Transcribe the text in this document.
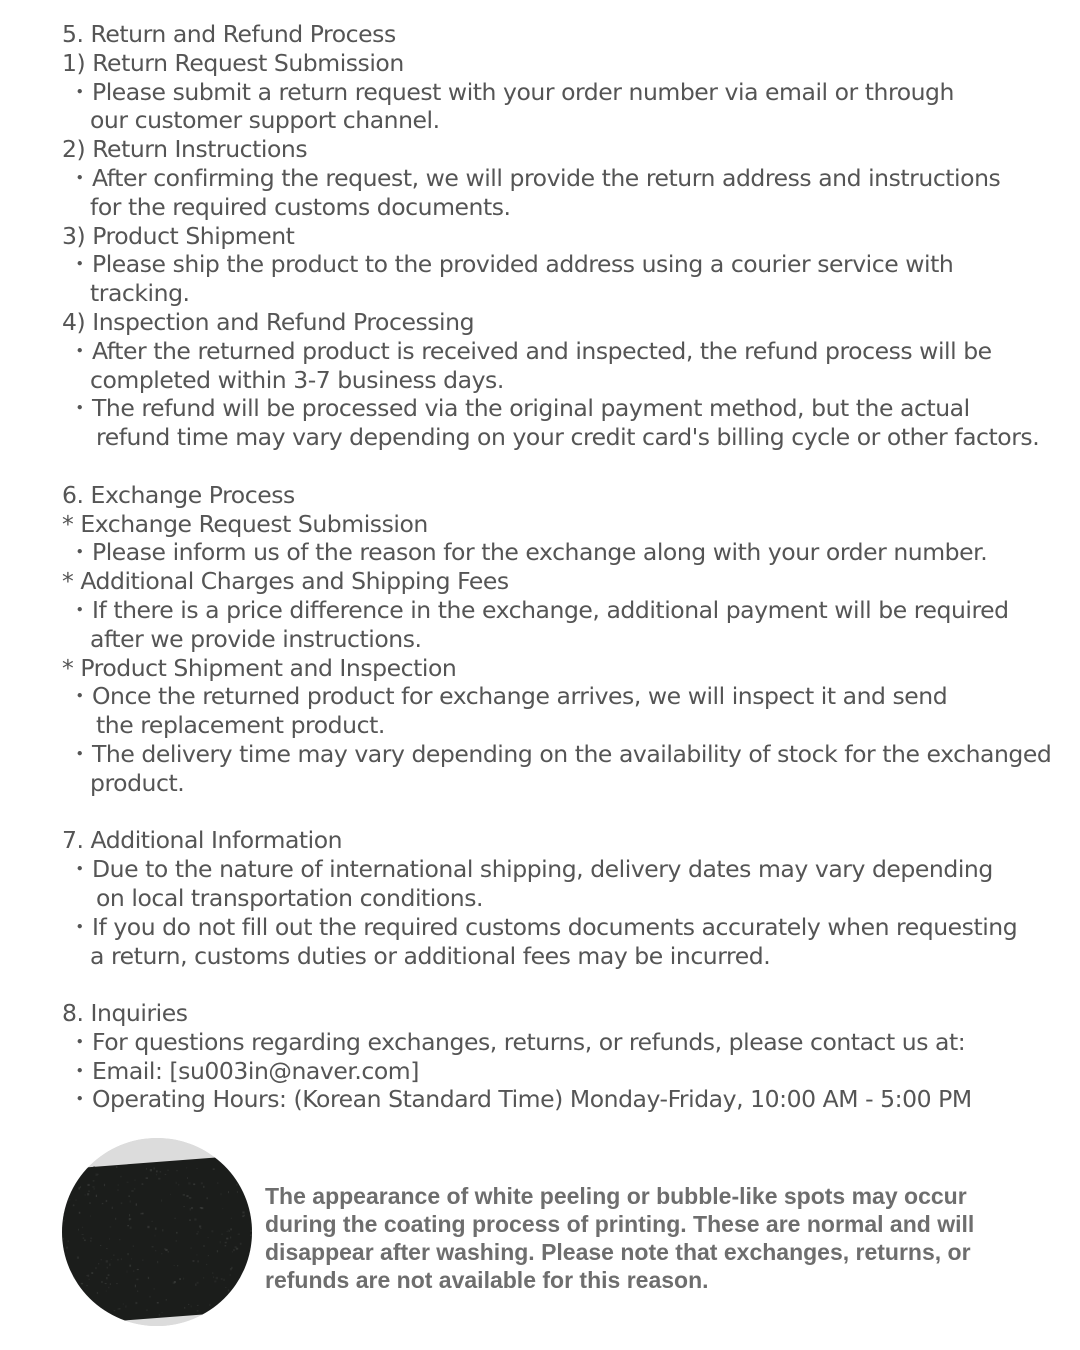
5. Return and Refund Process
1) Return Request Submission
・Please submit a return request with your order number via email or through
our customer support channel.
2) Return Instructions
・After confirming the request, we will provide the return address and instructions
for the required customs documents.
3) Product Shipment
・Please ship the product to the provided address using a courier service with
tracking.
4) Inspection and Refund Processing
・After the returned product is received and inspected, the refund process will be
completed within 3-7 business days.
・The refund will be processed via the original payment method, but the actual
refund time may vary depending on your credit card's billing cycle or other factors.
6. Exchange Process
* Exchange Request Submission
・Please inform us of the reason for the exchange along with your order number.
* Additional Charges and Shipping Fees
・If there is a price difference in the exchange, additional payment will be required
after we provide instructions.
* Product Shipment and Inspection
・Once the returned product for exchange arrives, we will inspect it and send
the replacement product.
・The delivery time may vary depending on the availability of stock for the exchanged
product.
7. Additional Information
・Due to the nature of international shipping, delivery dates may vary depending
on local transportation conditions.
・If you do not fill out the required customs documents accurately when requesting
a return, customs duties or additional fees may be incurred.
8. Inquiries
・For questions regarding exchanges, returns, or refunds, please contact us at:
・Email: [su003in@naver.com]
・Operating Hours: (Korean Standard Time) Monday-Friday, 10:00 AM - 5:00 PM
The appearance of white peeling or bubble-like spots may occur
during the coating process of printing. These are normal and will
disappear after washing. Please note that exchanges, returns, or
refunds are not available for this reason.
